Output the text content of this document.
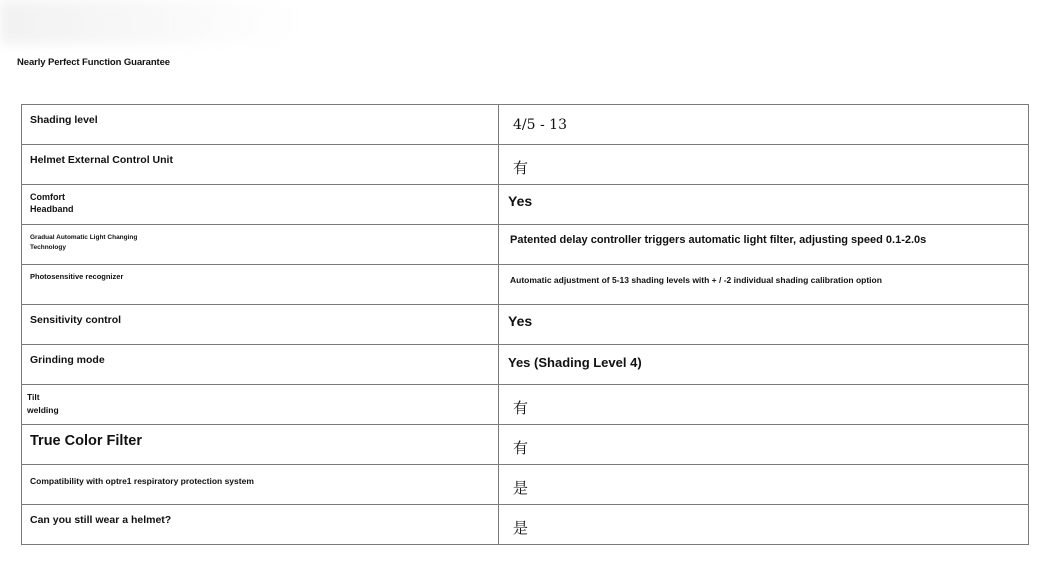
Nearly Perfect Function Guarantee
Shading level	4/5 - 13

Helmet External Control Unit	有

Comfort
Headband	Yes

Gradual Automatic Light Changing
Technology	Patented delay controller triggers automatic light filter, adjusting speed 0.1-2.0s

Photosensitive recognizer	Automatic adjustment of 5-13 shading levels with + / -2 individual shading calibration option

Sensitivity control	Yes

Grinding mode	Yes (Shading Level 4)

Tilt
welding	有

True Color Filter	有

Compatibility with optre1 respiratory protection system	是

Can you still wear a helmet?	是
